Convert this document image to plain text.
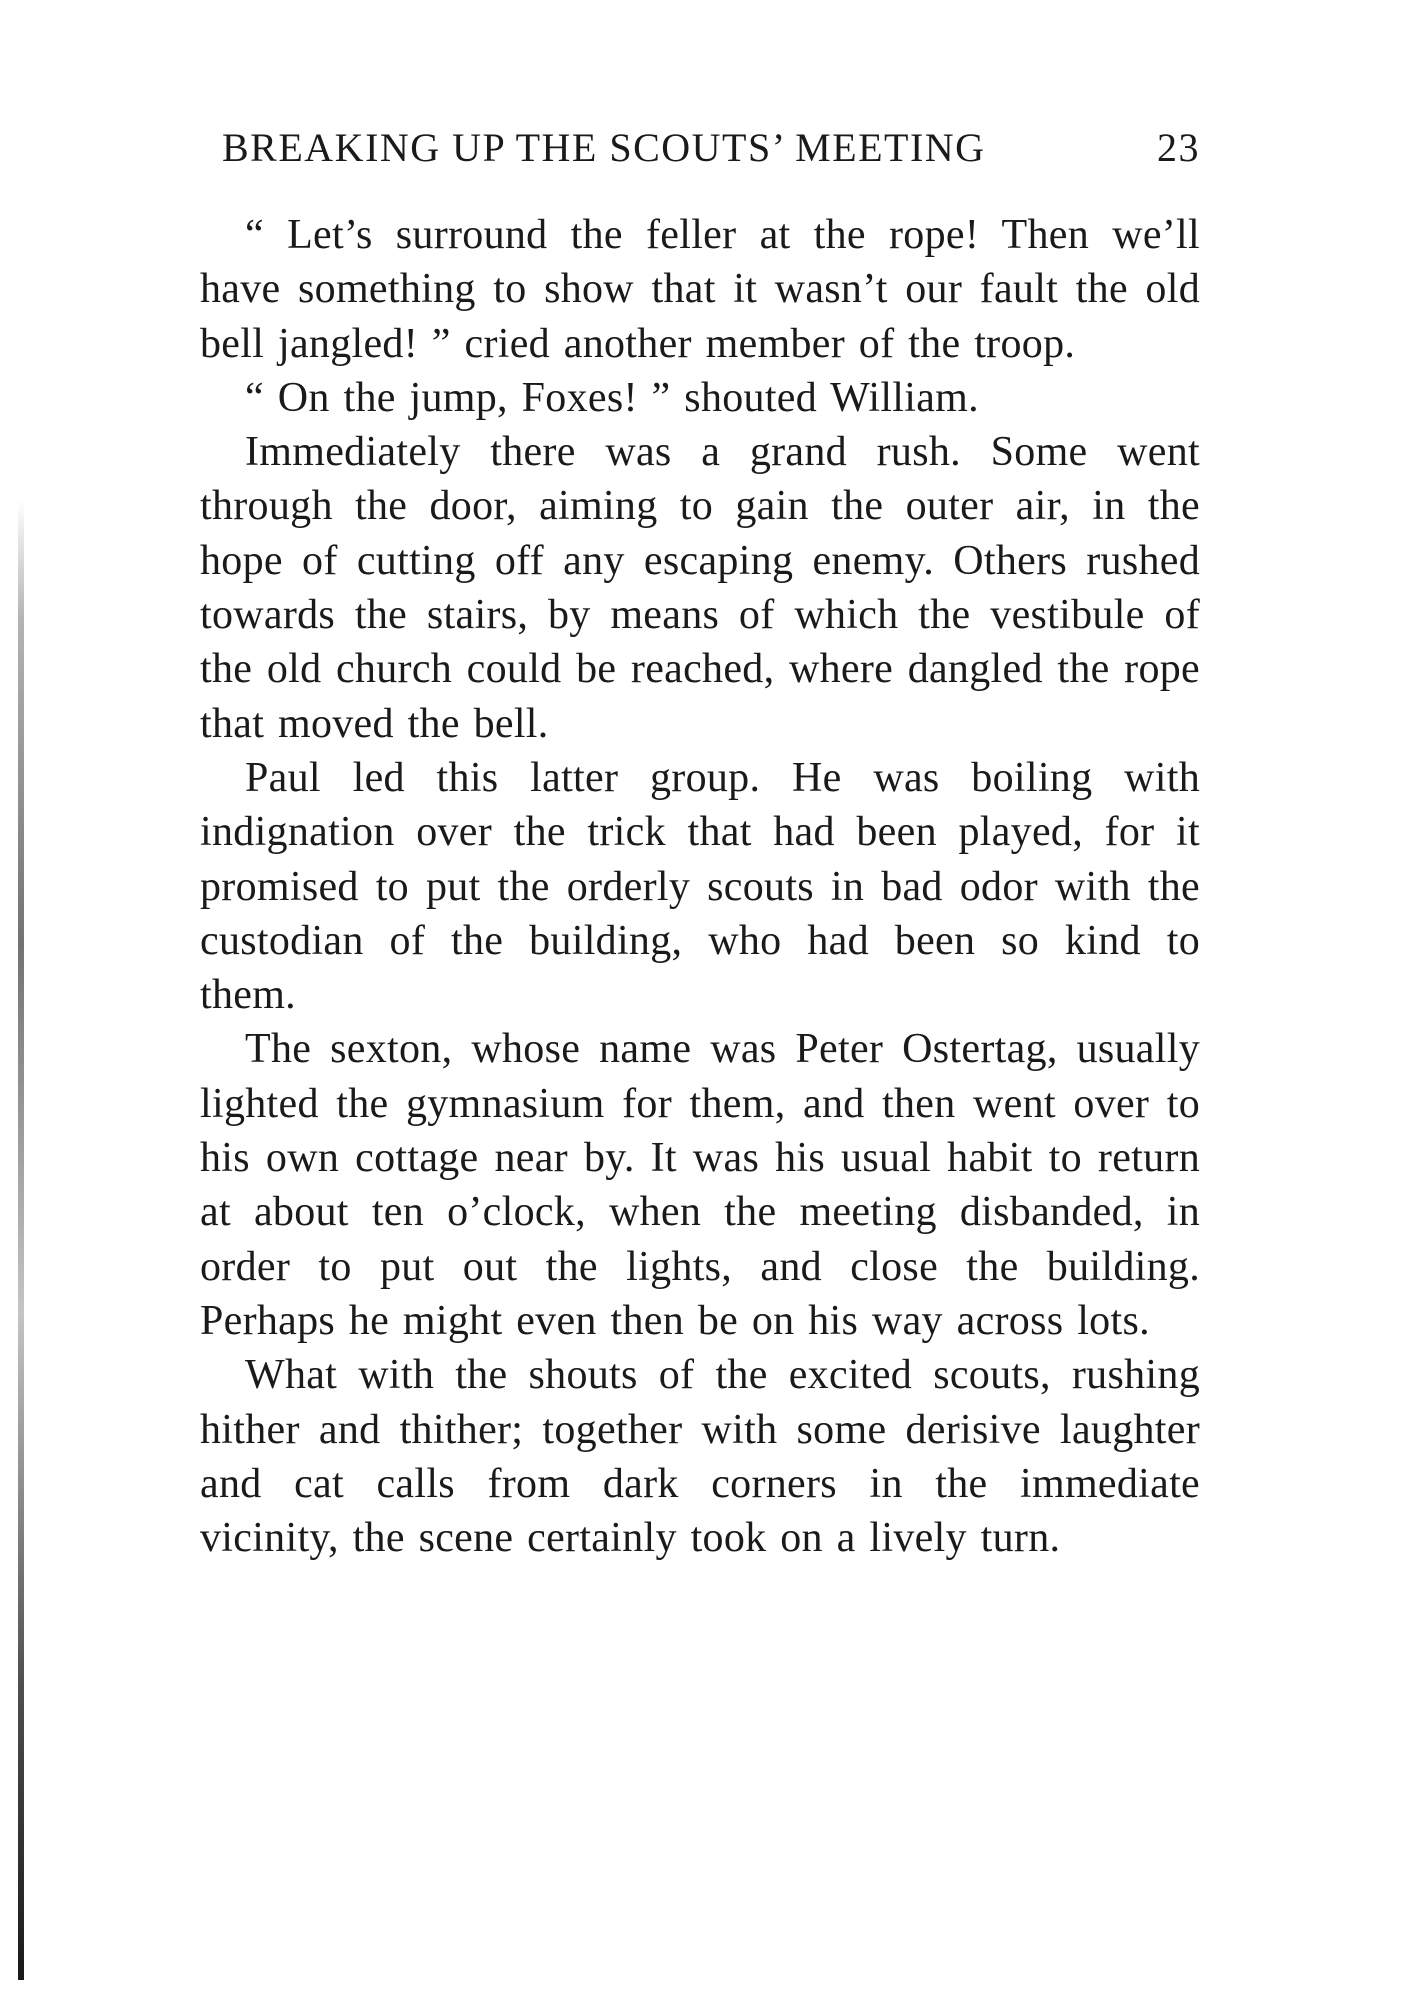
BREAKING UP THE SCOUTS’ MEETING	23

“ Let’s surround the feller at the rope! Then we’ll have something to show that it wasn’t our fault the old bell jangled! ” cried another member of the troop.

“ On the jump, Foxes! ” shouted William.

Immediately there was a grand rush. Some went through the door, aiming to gain the outer air, in the hope of cutting off any escaping enemy. Others rushed towards the stairs, by means of which the vestibule of the old church could be reached, where dangled the rope that moved the bell.

Paul led this latter group. He was boiling with indignation over the trick that had been played, for it promised to put the orderly scouts in bad odor with the custodian of the building, who had been so kind to them.

The sexton, whose name was Peter Ostertag, usually lighted the gymnasium for them, and then went over to his own cottage near by. It was his usual habit to return at about ten o’clock, when the meeting disbanded, in order to put out the lights, and close the building. Perhaps he might even then be on his way across lots.

What with the shouts of the excited scouts, rushing hither and thither; together with some derisive laughter and cat calls from dark corners in the immediate vicinity, the scene certainly took on a lively turn.
